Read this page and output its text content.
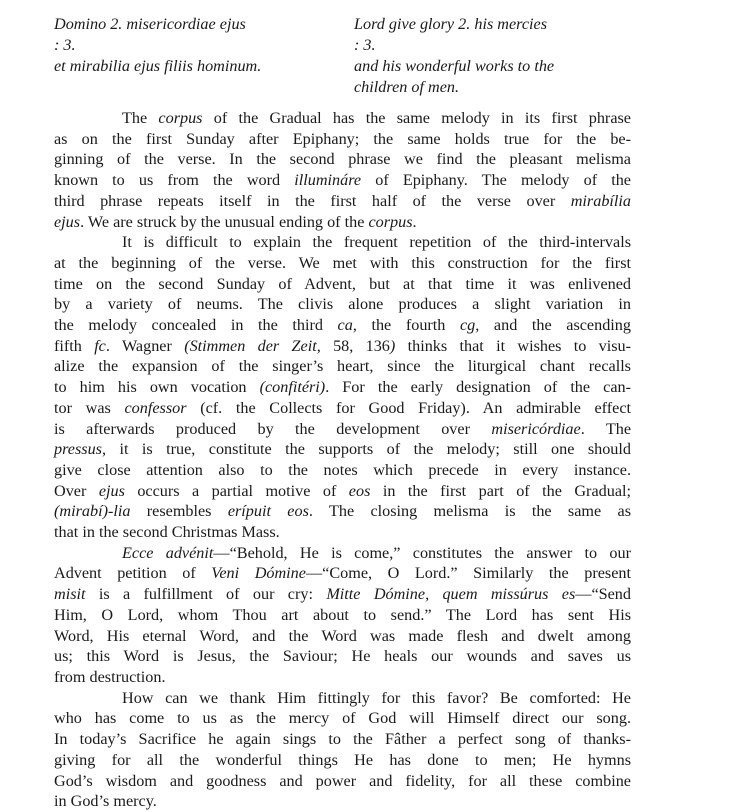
Domino 2. misericordiae ejus
: 3.
et mirabilia ejus filiis hominum.
Lord give glory 2. his mercies
: 3.
and his wonderful works to the
children of men.
The corpus of the Gradual has the same melody in its first phrase
as on the first Sunday after Epiphany; the same holds true for the be-
ginning of the verse. In the second phrase we find the pleasant melisma
known to us from the word illumináre of Epiphany. The melody of the
third phrase repeats itself in the first half of the verse over mirabília
ejus. We are struck by the unusual ending of the corpus.
It is difficult to explain the frequent repetition of the third-intervals
at the beginning of the verse. We met with this construction for the first
time on the second Sunday of Advent, but at that time it was enlivened
by a variety of neums. The clivis alone produces a slight variation in
the melody concealed in the third ca, the fourth cg, and the ascending
fifth fc. Wagner (Stimmen der Zeit, 58, 136) thinks that it wishes to visu-
alize the expansion of the singer’s heart, since the liturgical chant recalls
to him his own vocation (confitéri). For the early designation of the can-
tor was confessor (cf. the Collects for Good Friday). An admirable effect
is afterwards produced by the development over misericórdiae. The
pressus, it is true, constitute the supports of the melody; still one should
give close attention also to the notes which precede in every instance.
Over ejus occurs a partial motive of eos in the first part of the Gradual;
(mirabí)-lia resembles erípuit eos. The closing melisma is the same as
that in the second Christmas Mass.
Ecce advénit—“Behold, He is come,” constitutes the answer to our
Advent petition of Veni Dómine—“Come, O Lord.” Similarly the present
misit is a fulfillment of our cry: Mitte Dómine, quem missúrus es—“Send
Him, O Lord, whom Thou art about to send.” The Lord has sent His
Word, His eternal Word, and the Word was made flesh and dwelt among
us; this Word is Jesus, the Saviour; He heals our wounds and saves us
from destruction.
How can we thank Him fittingly for this favor? Be comforted: He
who has come to us as the mercy of God will Himself direct our song.
In today’s Sacrifice he again sings to the Fâther a perfect song of thanks-
giving for all the wonderful things He has done to men; He hymns
God’s wisdom and goodness and power and fidelity, for all these combine
in God’s mercy.
